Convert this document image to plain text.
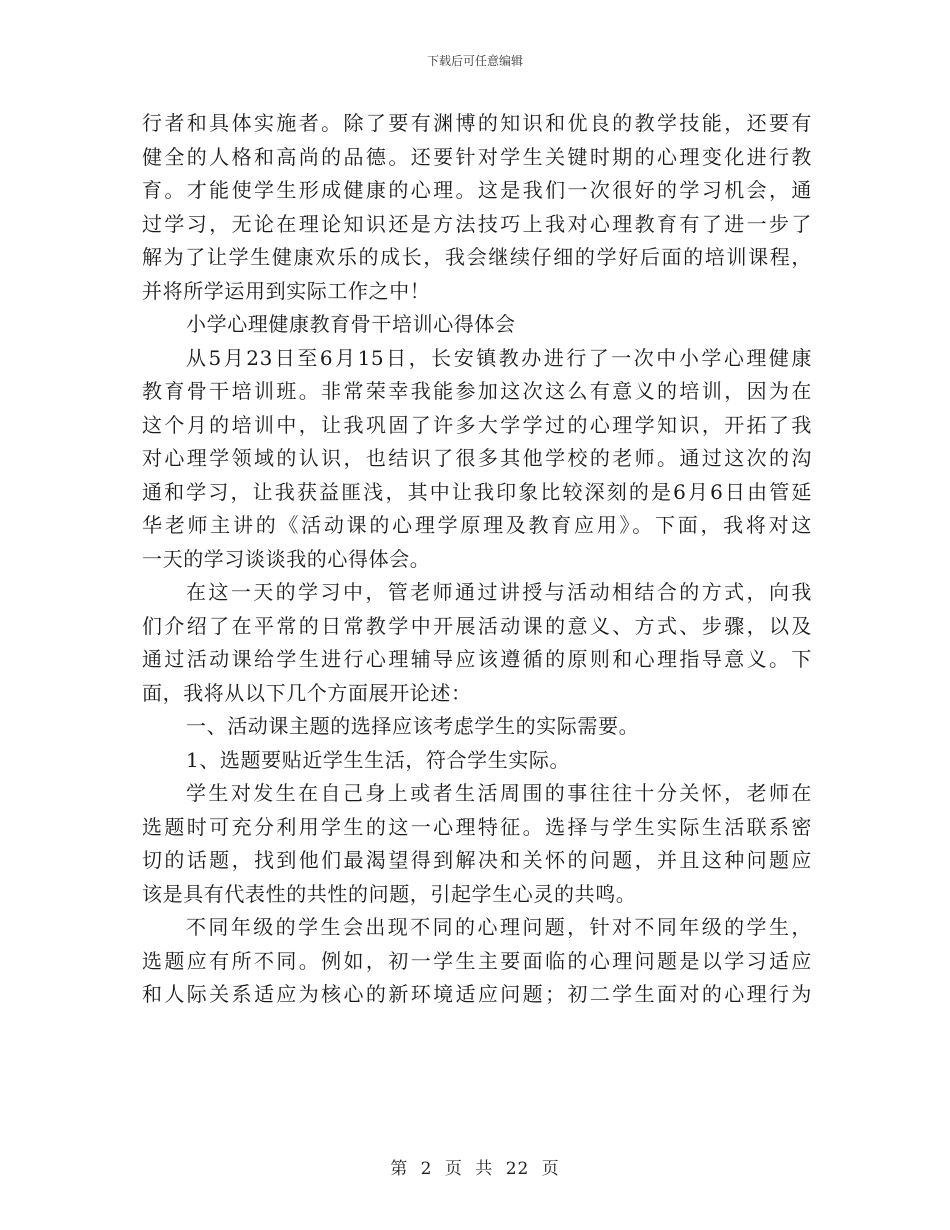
下载后可任意编辑
行者和具体实施者。除了要有渊博的知识和优良的教学技能，还要有
健全的人格和高尚的品德。还要针对学生关键时期的心理变化进行教
育。才能使学生形成健康的心理。这是我们一次很好的学习机会，通
过学习，无论在理论知识还是方法技巧上我对心理教育有了进一步了
解为了让学生健康欢乐的成长，我会继续仔细的学好后面的培训课程，
并将所学运用到实际工作之中！
小学心理健康教育骨干培训心得体会
从5月23日至6月15日，长安镇教办进行了一次中小学心理健康
教育骨干培训班。非常荣幸我能参加这次这么有意义的培训，因为在
这个月的培训中，让我巩固了许多大学学过的心理学知识，开拓了我
对心理学领域的认识，也结识了很多其他学校的老师。通过这次的沟
通和学习，让我获益匪浅，其中让我印象比较深刻的是6月6日由管延
华老师主讲的《活动课的心理学原理及教育应用》。下面，我将对这
一天的学习谈谈我的心得体会。
在这一天的学习中，管老师通过讲授与活动相结合的方式，向我
们介绍了在平常的日常教学中开展活动课的意义、方式、步骤，以及
通过活动课给学生进行心理辅导应该遵循的原则和心理指导意义。下
面，我将从以下几个方面展开论述：
一、活动课主题的选择应该考虑学生的实际需要。
1、选题要贴近学生生活，符合学生实际。
学生对发生在自己身上或者生活周围的事往往十分关怀，老师在
选题时可充分利用学生的这一心理特征。选择与学生实际生活联系密
切的话题，找到他们最渴望得到解决和关怀的问题，并且这种问题应
该是具有代表性的共性的问题，引起学生心灵的共鸣。
不同年级的学生会出现不同的心理问题，针对不同年级的学生，
选题应有所不同。例如，初一学生主要面临的心理问题是以学习适应
和人际关系适应为核心的新环境适应问题；初二学生面对的心理行为
第 2 页 共 22 页
